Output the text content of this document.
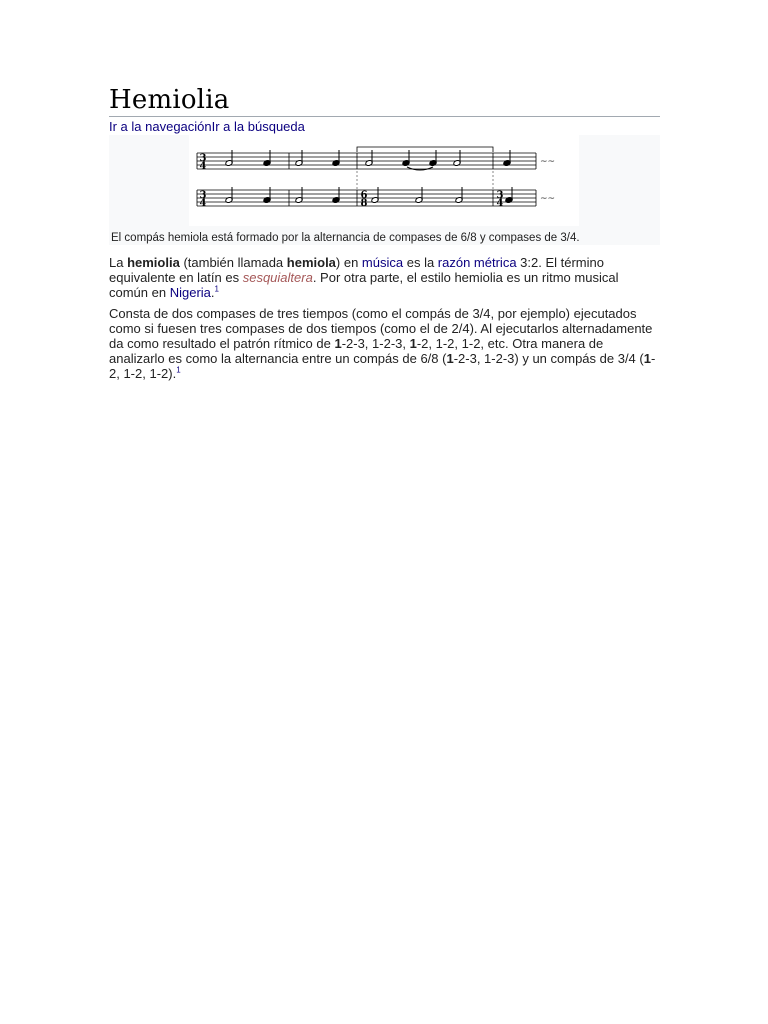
Hemiolia
Ir a la navegaciónIr a la búsqueda
3
4
3
4
6
8
3
4
~~
~~
El compás hemiola está formado por la alternancia de compases de 6/8 y compases de 3/4.

La hemiolia (también llamada hemiola) en música es la razón métrica 3:2. El término equivalente en latín es sesquialtera. Por otra parte, el estilo hemiolia es un ritmo musical común en Nigeria.$^1$

Consta de dos compases de tres tiempos (como el compás de 3/4, por ejemplo) ejecutados como si fuesen tres compases de dos tiempos (como el de 2/4). Al ejecutarlos alternadamente da como resultado el patrón rítmico de 1-2-3, 1-2-3, 1-2, 1-2, 1-2, etc. Otra manera de analizarlo es como la alternancia entre un compás de 6/8 (1-2-3, 1-2-3) y un compás de 3/4 (1-2, 1-2, 1-2).$^1$
